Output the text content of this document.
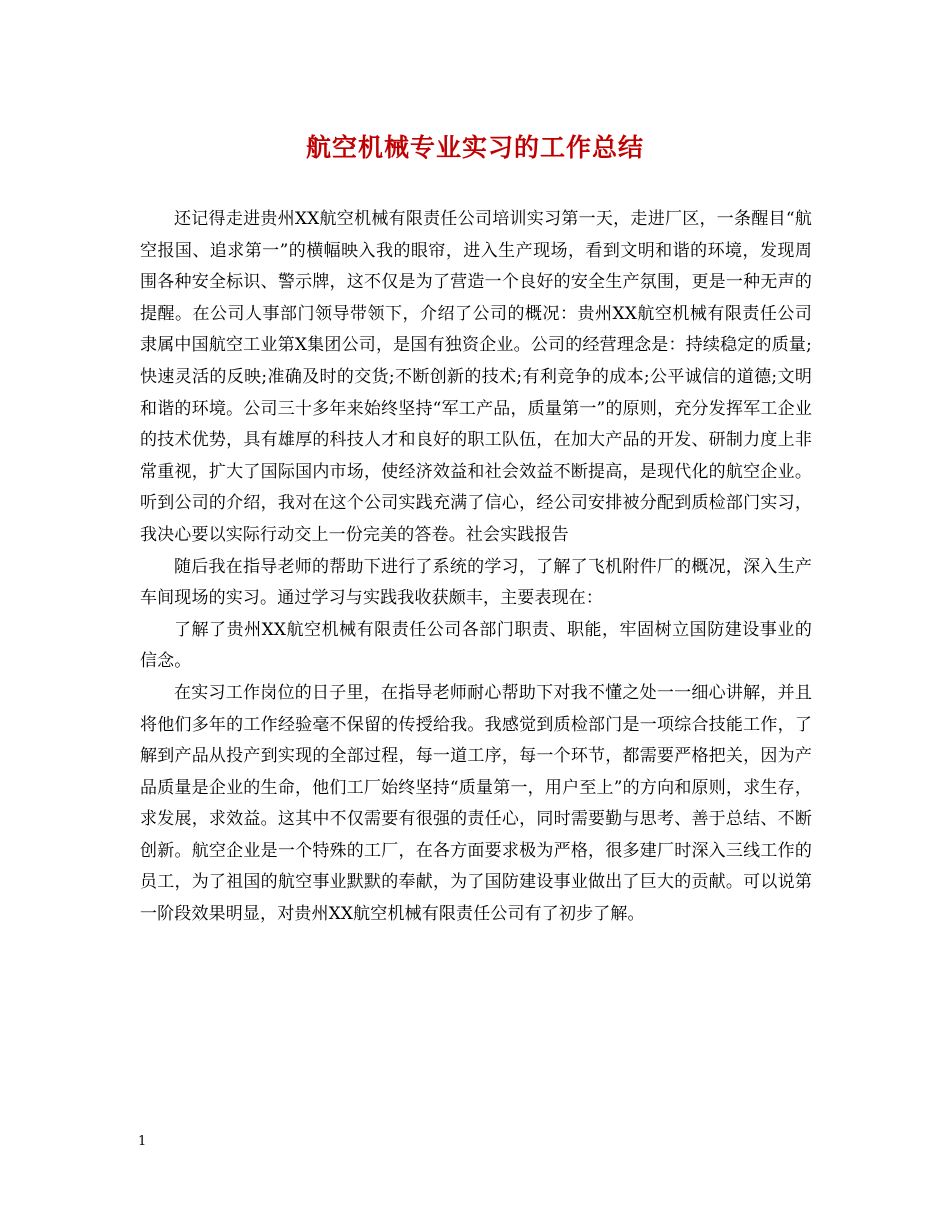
航空机械专业实习的工作总结

还记得走进贵州XX航空机械有限责任公司培训实习第一天，走进厂区，一条醒目“航空报国、追求第一”的横幅映入我的眼帘，进入生产现场，看到文明和谐的环境，发现周围各种安全标识、警示牌，这不仅是为了营造一个良好的安全生产氛围，更是一种无声的提醒。在公司人事部门领导带领下，介绍了公司的概况：贵州XX航空机械有限责任公司隶属中国航空工业第X集团公司，是国有独资企业。公司的经营理念是：持续稳定的质量;快速灵活的反映;准确及时的交货;不断创新的技术;有利竞争的成本;公平诚信的道德;文明和谐的环境。公司三十多年来始终坚持“军工产品，质量第一”的原则，充分发挥军工企业的技术优势，具有雄厚的科技人才和良好的职工队伍，在加大产品的开发、研制力度上非常重视，扩大了国际国内市场，使经济效益和社会效益不断提高，是现代化的航空企业。听到公司的介绍，我对在这个公司实践充满了信心，经公司安排被分配到质检部门实习，我决心要以实际行动交上一份完美的答卷。社会实践报告

随后我在指导老师的帮助下进行了系统的学习，了解了飞机附件厂的概况，深入生产车间现场的实习。通过学习与实践我收获颇丰，主要表现在：

了解了贵州XX航空机械有限责任公司各部门职责、职能，牢固树立国防建设事业的信念。

在实习工作岗位的日子里，在指导老师耐心帮助下对我不懂之处一一细心讲解，并且将他们多年的工作经验毫不保留的传授给我。我感觉到质检部门是一项综合技能工作，了解到产品从投产到实现的全部过程，每一道工序，每一个环节，都需要严格把关，因为产品质量是企业的生命，他们工厂始终坚持“质量第一，用户至上”的方向和原则，求生存，求发展，求效益。这其中不仅需要有很强的责任心，同时需要勤与思考、善于总结、不断创新。航空企业是一个特殊的工厂，在各方面要求极为严格，很多建厂时深入三线工作的员工，为了祖国的航空事业默默的奉献，为了国防建设事业做出了巨大的贡献。可以说第一阶段效果明显，对贵州XX航空机械有限责任公司有了初步了解。

1
